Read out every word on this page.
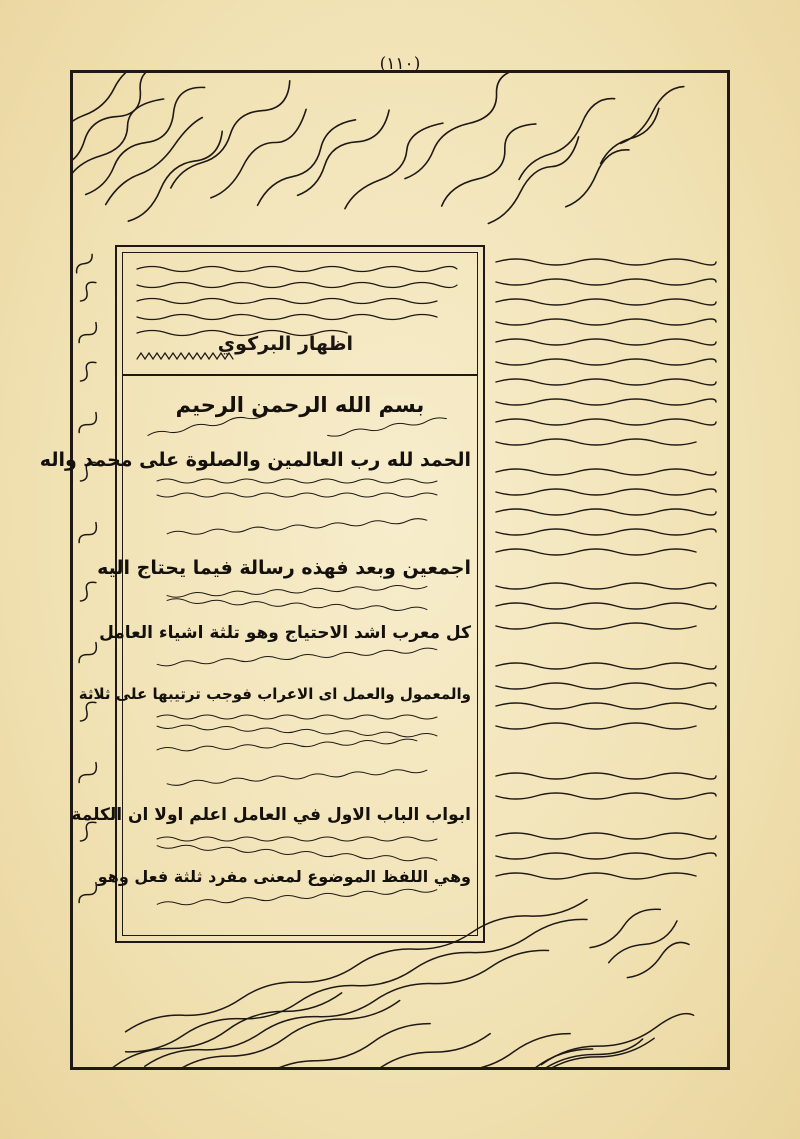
(١١٠)
اظهار البركوي
بسم الله الرحمن الرحيم
الحمد لله رب العالمين والصلوة على محمد واله
اجمعين وبعد فهذه رسالة فيما يحتاج اليه
كل معرب اشد الاحتياج وهو تلثة اشياء العامل
والمعمول والعمل اى الاعراب فوجب ترتيبها على ثلاثة
ابواب الباب الاول في العامل اعلم اولا ان الكلمة
وهي اللفظ الموضوع لمعنى مفرد ثلثة فعل وهو
